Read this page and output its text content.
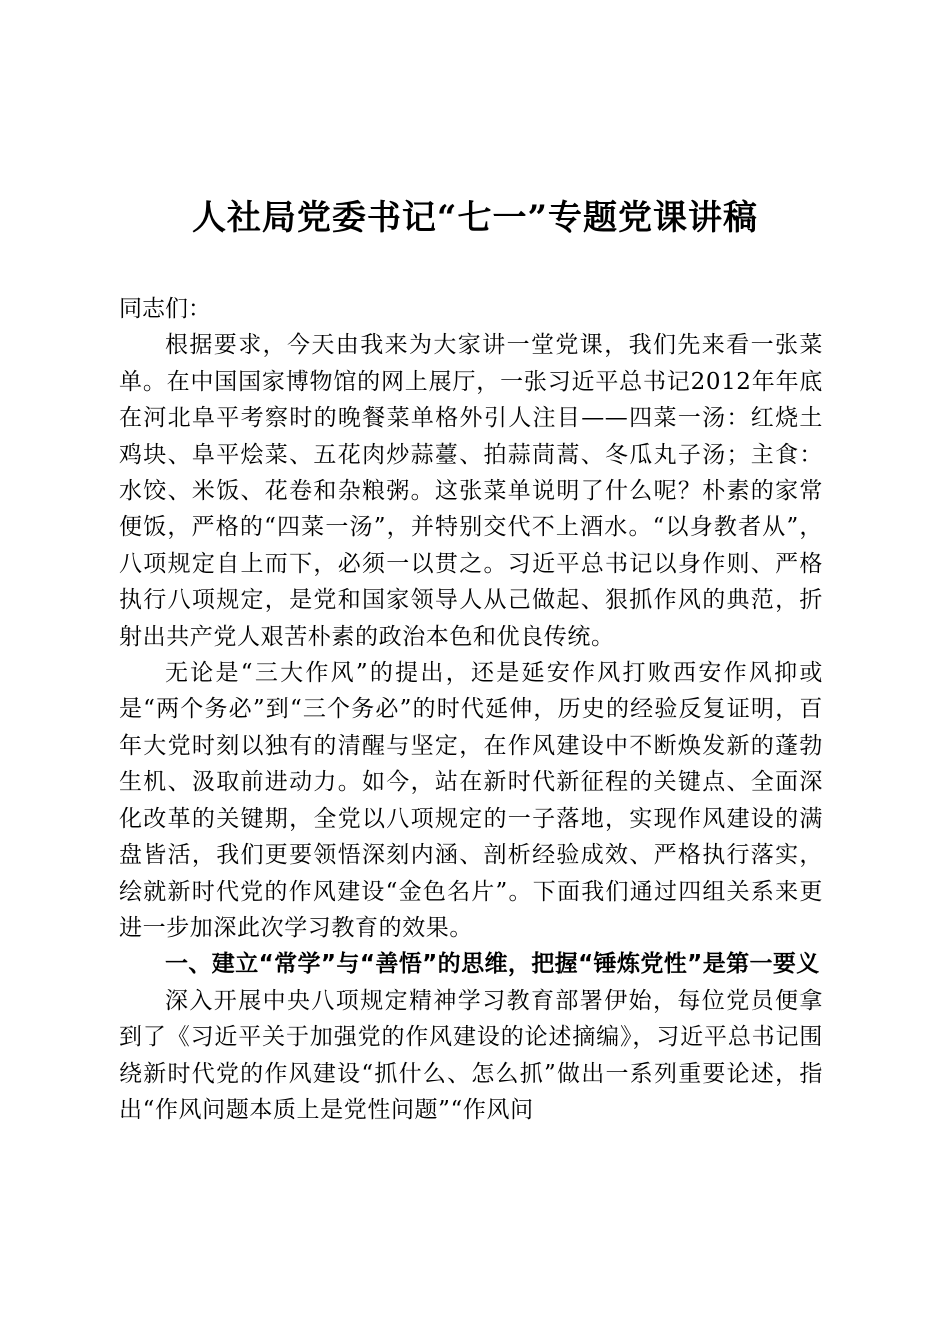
人社局党委书记“七一”专题党课讲稿

同志们：

根据要求，今天由我来为大家讲一堂党课，我们先来看一张菜单。在中国国家博物馆的网上展厅，一张习近平总书记2012年年底在河北阜平考察时的晚餐菜单格外引人注目——四菜一汤：红烧土鸡块、阜平烩菜、五花肉炒蒜薹、拍蒜茼蒿、冬瓜丸子汤；主食：水饺、米饭、花卷和杂粮粥。这张菜单说明了什么呢？朴素的家常便饭，严格的“四菜一汤”，并特别交代不上酒水。“以身教者从”，八项规定自上而下，必须一以贯之。习近平总书记以身作则、严格执行八项规定，是党和国家领导人从己做起、狠抓作风的典范，折射出共产党人艰苦朴素的政治本色和优良传统。

无论是“三大作风”的提出，还是延安作风打败西安作风抑或是“两个务必”到“三个务必”的时代延伸，历史的经验反复证明，百年大党时刻以独有的清醒与坚定，在作风建设中不断焕发新的蓬勃生机、汲取前进动力。如今，站在新时代新征程的关键点、全面深化改革的关键期，全党以八项规定的一子落地，实现作风建设的满盘皆活，我们更要领悟深刻内涵、剖析经验成效、严格执行落实，绘就新时代党的作风建设“金色名片”。下面我们通过四组关系来更进一步加深此次学习教育的效果。

一、建立“常学”与“善悟”的思维，把握“锤炼党性”是第一要义

深入开展中央八项规定精神学习教育部署伊始，每位党员便拿到了《习近平关于加强党的作风建设的论述摘编》，习近平总书记围绕新时代党的作风建设“抓什么、怎么抓”做出一系列重要论述，指出“作风问题本质上是党性问题”“作风问
